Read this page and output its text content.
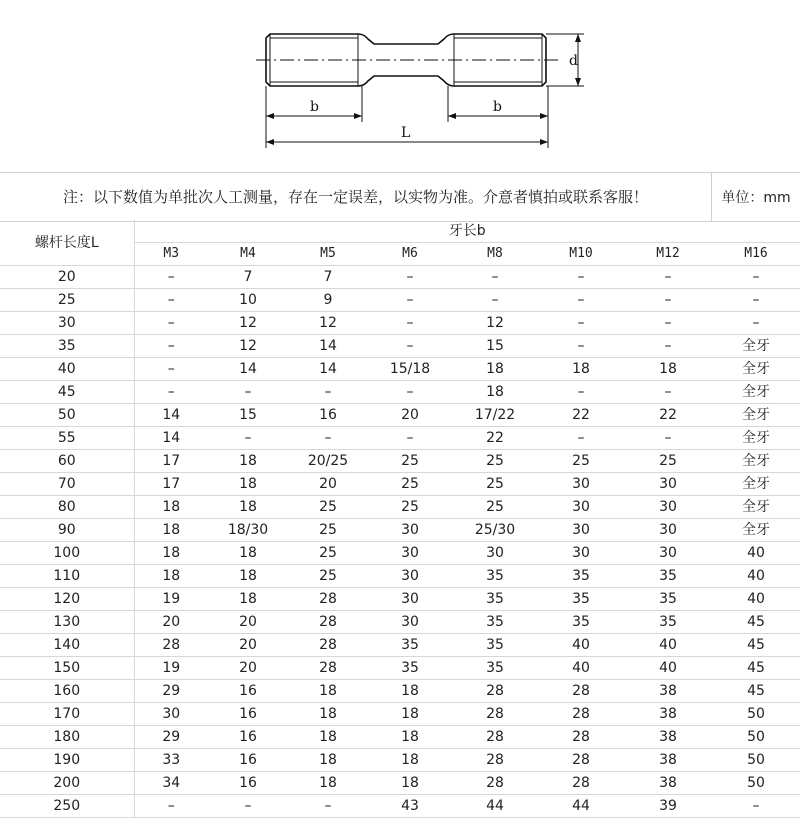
d
b	b
L
注：以下数值为单批次人工测量，存在一定误差，以实物为准。介意者慎拍或联系客服！	单位：mm
螺杆长度L	牙长b							
	M3	M4	M5	M6	M8	M10	M12	M16
20	–	7	7	–	–	–	–	–
25	–	10	9	–	–	–	–	–
30	–	12	12	–	12	–	–	–
35	–	12	14	–	15	–	–	全牙
40	–	14	14	15/18	18	18	18	全牙
45	–	–	–	–	18	–	–	全牙
50	14	15	16	20	17/22	22	22	全牙
55	14	–	–	–	22	–	–	全牙
60	17	18	20/25	25	25	25	25	全牙
70	17	18	20	25	25	30	30	全牙
80	18	18	25	25	25	30	30	全牙
90	18	18/30	25	30	25/30	30	30	全牙
100	18	18	25	30	30	30	30	40
110	18	18	25	30	35	35	35	40
120	19	18	28	30	35	35	35	40
130	20	20	28	30	35	35	35	45
140	28	20	28	35	35	40	40	45
150	19	20	28	35	35	40	40	45
160	29	16	18	18	28	28	38	45
170	30	16	18	18	28	28	38	50
180	29	16	18	18	28	28	38	50
190	33	16	18	18	28	28	38	50
200	34	16	18	18	28	28	38	50
250	–	–	–	43	44	44	39	–
